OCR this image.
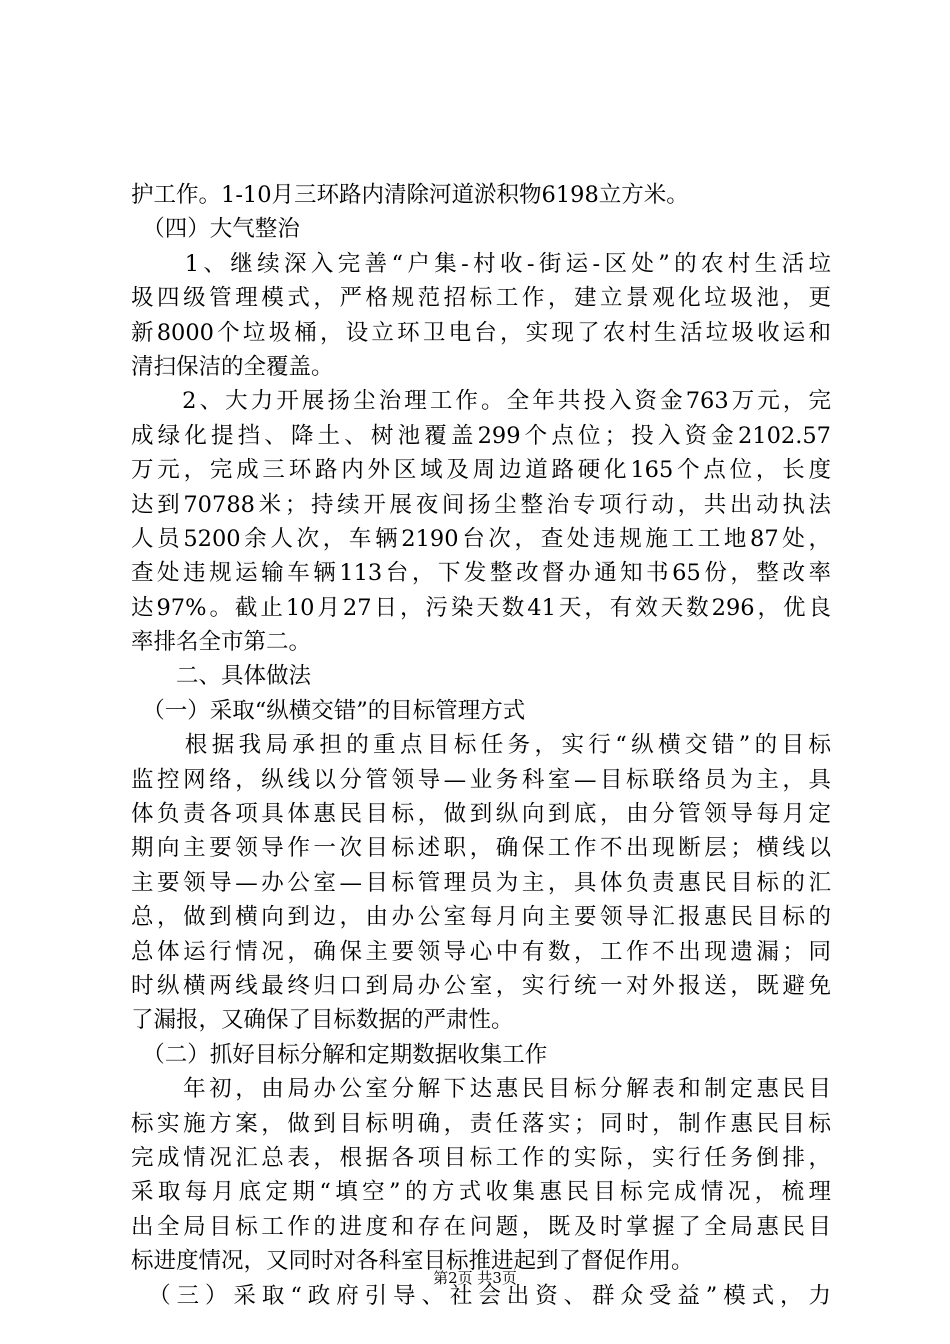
护工作。1-10月三环路内清除河道淤积物6198立方米。
　（四）大气整治
　　1、继续深入完善“户集-村收-街运-区处”的农村生活垃
圾四级管理模式，严格规范招标工作，建立景观化垃圾池，更
新8000个垃圾桶，设立环卫电台，实现了农村生活垃圾收运和
清扫保洁的全覆盖。
　　2、大力开展扬尘治理工作。全年共投入资金763万元，完
成绿化提挡、降土、树池覆盖299个点位；投入资金2102.57
万元，完成三环路内外区域及周边道路硬化165个点位，长度
达到70788米；持续开展夜间扬尘整治专项行动，共出动执法
人员5200余人次，车辆2190台次，查处违规施工工地87处，
查处违规运输车辆113台，下发整改督办通知书65份，整改率
达97%。截止10月27日，污染天数41天，有效天数296，优良
率排名全市第二。
　　二、具体做法
　（一）采取“纵横交错”的目标管理方式
　　根据我局承担的重点目标任务，实行“纵横交错”的目标
监控网络，纵线以分管领导—业务科室—目标联络员为主，具
体负责各项具体惠民目标，做到纵向到底，由分管领导每月定
期向主要领导作一次目标述职，确保工作不出现断层；横线以
主要领导—办公室—目标管理员为主，具体负责惠民目标的汇
总，做到横向到边，由办公室每月向主要领导汇报惠民目标的
总体运行情况，确保主要领导心中有数，工作不出现遗漏；同
时纵横两线最终归口到局办公室，实行统一对外报送，既避免
了漏报，又确保了目标数据的严肃性。
　（二）抓好目标分解和定期数据收集工作
　　年初，由局办公室分解下达惠民目标分解表和制定惠民目
标实施方案，做到目标明确，责任落实；同时，制作惠民目标
完成情况汇总表，根据各项目标工作的实际，实行任务倒排，
采取每月底定期“填空”的方式收集惠民目标完成情况，梳理
出全局目标工作的进度和存在问题，既及时掌握了全局惠民目
标进度情况，又同时对各科室目标推进起到了督促作用。
　（三）采取“政府引导、社会出资、群众受益”模式，力
第2页 共3页
